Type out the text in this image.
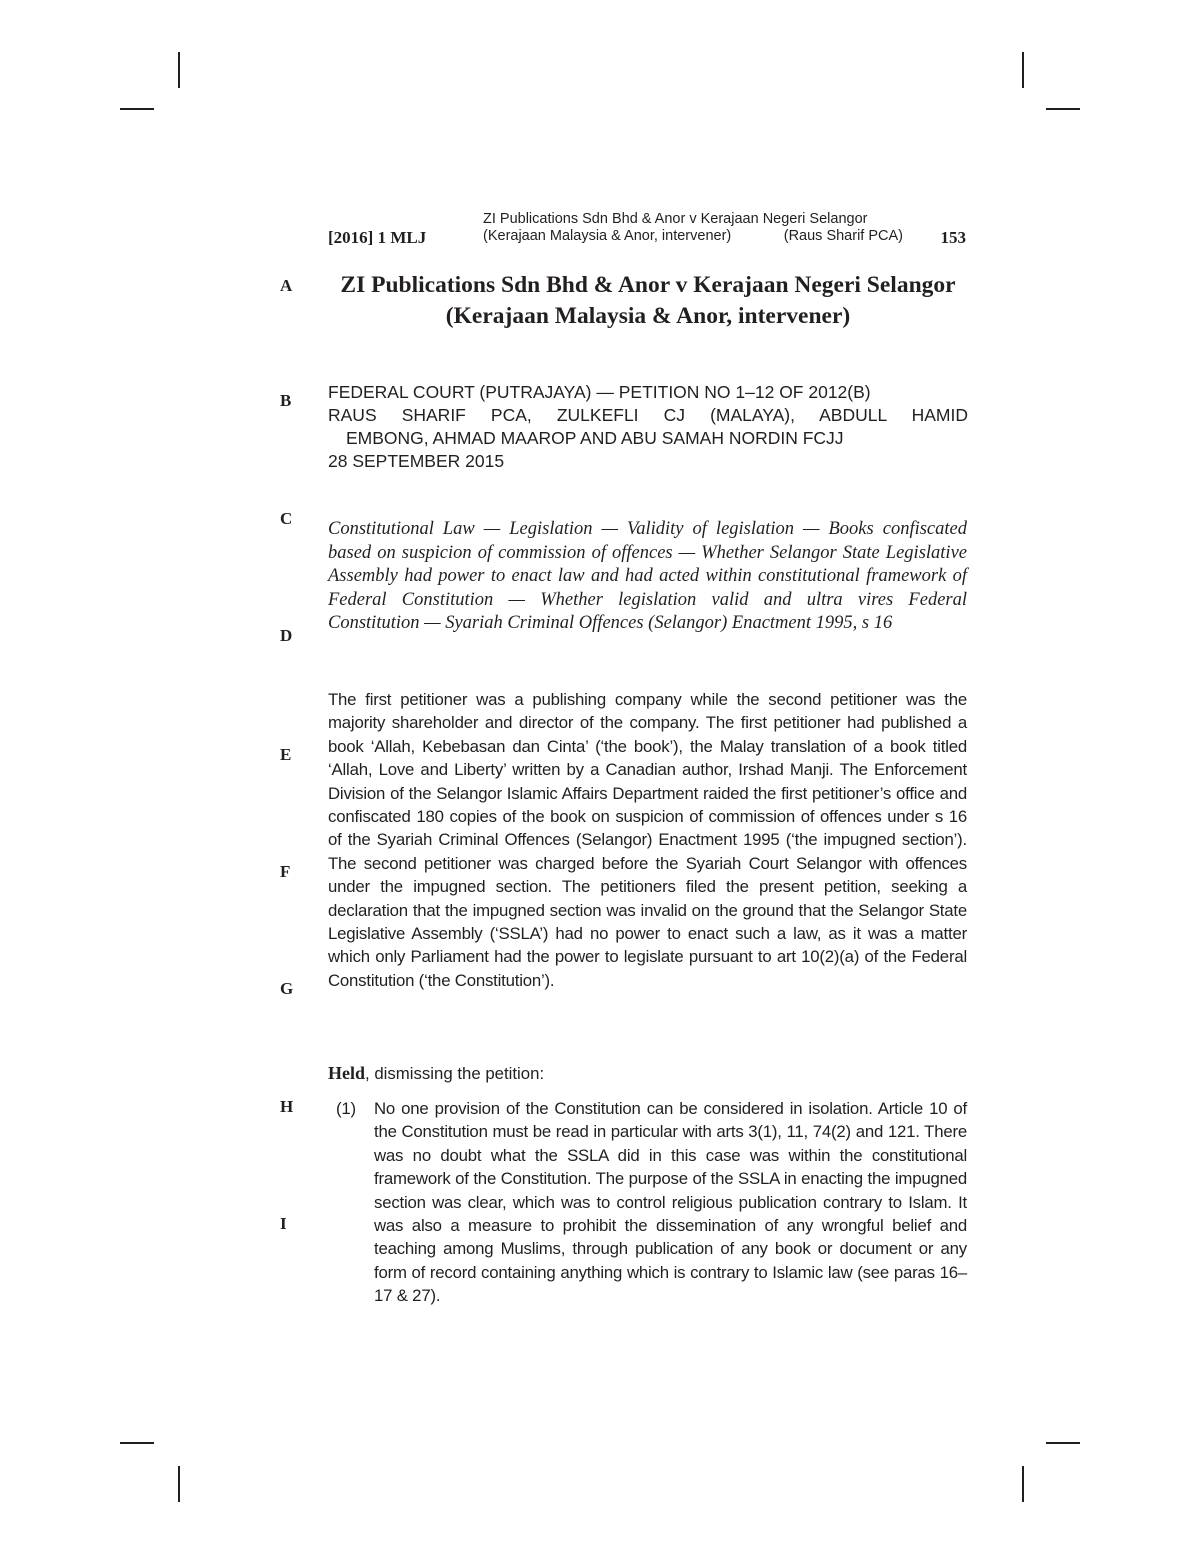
[2016] 1 MLJ
ZI Publications Sdn Bhd & Anor v Kerajaan Negeri Selangor
(Kerajaan Malaysia & Anor, intervener)	(Raus Sharif PCA) 153
A
B
C
D
E
F
G
H
I
ZI Publications Sdn Bhd & Anor v Kerajaan Negeri Selangor
(Kerajaan Malaysia & Anor, intervener)
FEDERAL COURT (PUTRAJAYA) — PETITION NO 1–12 OF 2012(B)
RAUS SHARIF PCA, ZULKEFLI CJ (MALAYA), ABDULL HAMID
EMBONG, AHMAD MAAROP AND ABU SAMAH NORDIN FCJJ
28 SEPTEMBER 2015
Constitutional Law — Legislation — Validity of legislation — Books confiscated based on suspicion of commission of offences — Whether Selangor State Legislative Assembly had power to enact law and had acted within constitutional framework of Federal Constitution — Whether legislation valid and ultra vires Federal Constitution — Syariah Criminal Offences (Selangor) Enactment 1995, s 16
The first petitioner was a publishing company while the second petitioner was the majority shareholder and director of the company. The first petitioner had published a book ‘Allah, Kebebasan dan Cinta’ (‘the book’), the Malay translation of a book titled ‘Allah, Love and Liberty’ written by a Canadian author, Irshad Manji. The Enforcement Division of the Selangor Islamic Affairs Department raided the first petitioner’s office and confiscated 180 copies of the book on suspicion of commission of offences under s 16 of the Syariah Criminal Offences (Selangor) Enactment 1995 (‘the impugned section’). The second petitioner was charged before the Syariah Court Selangor with offences under the impugned section. The petitioners filed the present petition, seeking a declaration that the impugned section was invalid on the ground that the Selangor State Legislative Assembly (‘SSLA’) had no power to enact such a law, as it was a matter which only Parliament had the power to legislate pursuant to art 10(2)(a) of the Federal Constitution (‘the Constitution’).
Held, dismissing the petition:
(1)	No one provision of the Constitution can be considered in isolation. Article 10 of the Constitution must be read in particular with arts 3(1), 11, 74(2) and 121. There was no doubt what the SSLA did in this case was within the constitutional framework of the Constitution. The purpose of the SSLA in enacting the impugned section was clear, which was to control religious publication contrary to Islam. It was also a measure to prohibit the dissemination of any wrongful belief and teaching among Muslims, through publication of any book or document or any form of record containing anything which is contrary to Islamic law (see paras 16–17 & 27).
